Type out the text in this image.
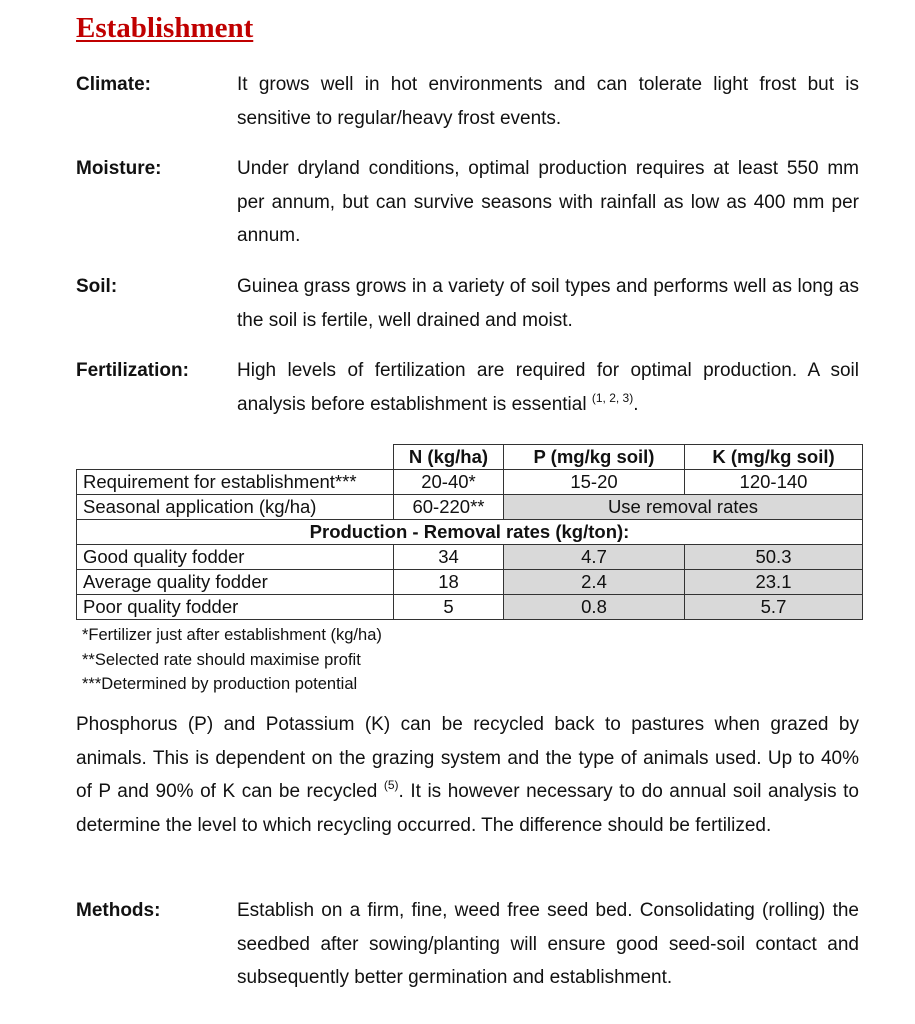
Establishment
Climate:	It grows well in hot environments and can tolerate light frost but is sensitive to regular/heavy frost events.
Moisture:	Under dryland conditions, optimal production requires at least 550 mm per annum, but can survive seasons with rainfall as low as 400 mm per annum.
Soil:	Guinea grass grows in a variety of soil types and performs well as long as the soil is fertile, well drained and moist.
Fertilization:	High levels of fertilization are required for optimal production. A soil analysis before establishment is essential $^{(1, 2, 3)}$.
	N (kg/ha)	P (mg/kg soil)	K (mg/kg soil)
Requirement for establishment***	20-40*	15-20	120-140
Seasonal application (kg/ha)	60-220**	Use removal rates	
Production - Removal rates (kg/ton):			
Good quality fodder	34	4.7	50.3
Average quality fodder	18	2.4	23.1
Poor quality fodder	5	0.8	5.7
*Fertilizer just after establishment (kg/ha)
**Selected rate should maximise profit
***Determined by production potential

Phosphorus (P) and Potassium (K) can be recycled back to pastures when grazed by animals. This is dependent on the grazing system and the type of animals used. Up to 40% of P and 90% of K can be recycled $^{(5)}$. It is however necessary to do annual soil analysis to determine the level to which recycling occurred. The difference should be fertilized.

Methods:	Establish on a firm, fine, weed free seed bed. Consolidating (rolling) the seedbed after sowing/planting will ensure good seed-soil contact and subsequently better germination and establishment.
